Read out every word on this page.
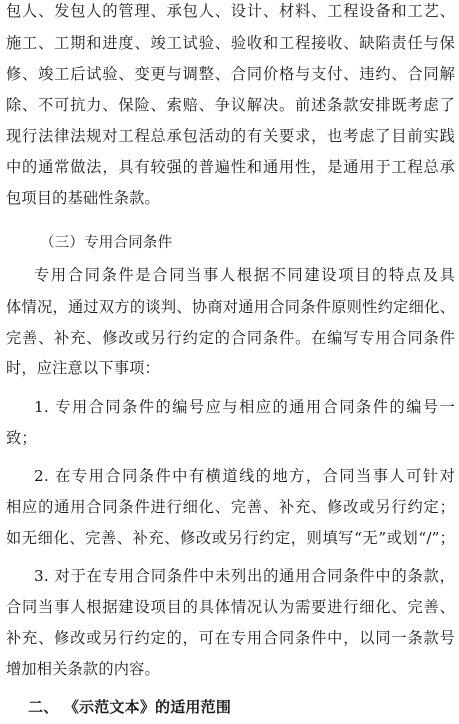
包人、发包人的管理、承包人、设计、材料、工程设备和工艺、
施工、工期和进度、竣工试验、验收和工程接收、缺陷责任与保
修、竣工后试验、变更与调整、合同价格与支付、违约、合同解
除、不可抗力、保险、索赔、争议解决。前述条款安排既考虑了
现行法律法规对工程总承包活动的有关要求，也考虑了目前实践
中的通常做法，具有较强的普遍性和通用性，是通用于工程总承
包项目的基础性条款。
（三）专用合同条件
专用合同条件是合同当事人根据不同建设项目的特点及具
体情况，通过双方的谈判、协商对通用合同条件原则性约定细化、
完善、补充、修改或另行约定的合同条件。在编写专用合同条件
时，应注意以下事项：
1. 专用合同条件的编号应与相应的通用合同条件的编号一
致；
2. 在专用合同条件中有横道线的地方，合同当事人可针对
相应的通用合同条件进行细化、完善、补充、修改或另行约定；
如无细化、完善、补充、修改或另行约定，则填写“无”或划“/”；
3. 对于在专用合同条件中未列出的通用合同条件中的条款，
合同当事人根据建设项目的具体情况认为需要进行细化、完善、
补充、修改或另行约定的，可在专用合同条件中，以同一条款号
增加相关条款的内容。
二、 《示范文本》的适用范围
